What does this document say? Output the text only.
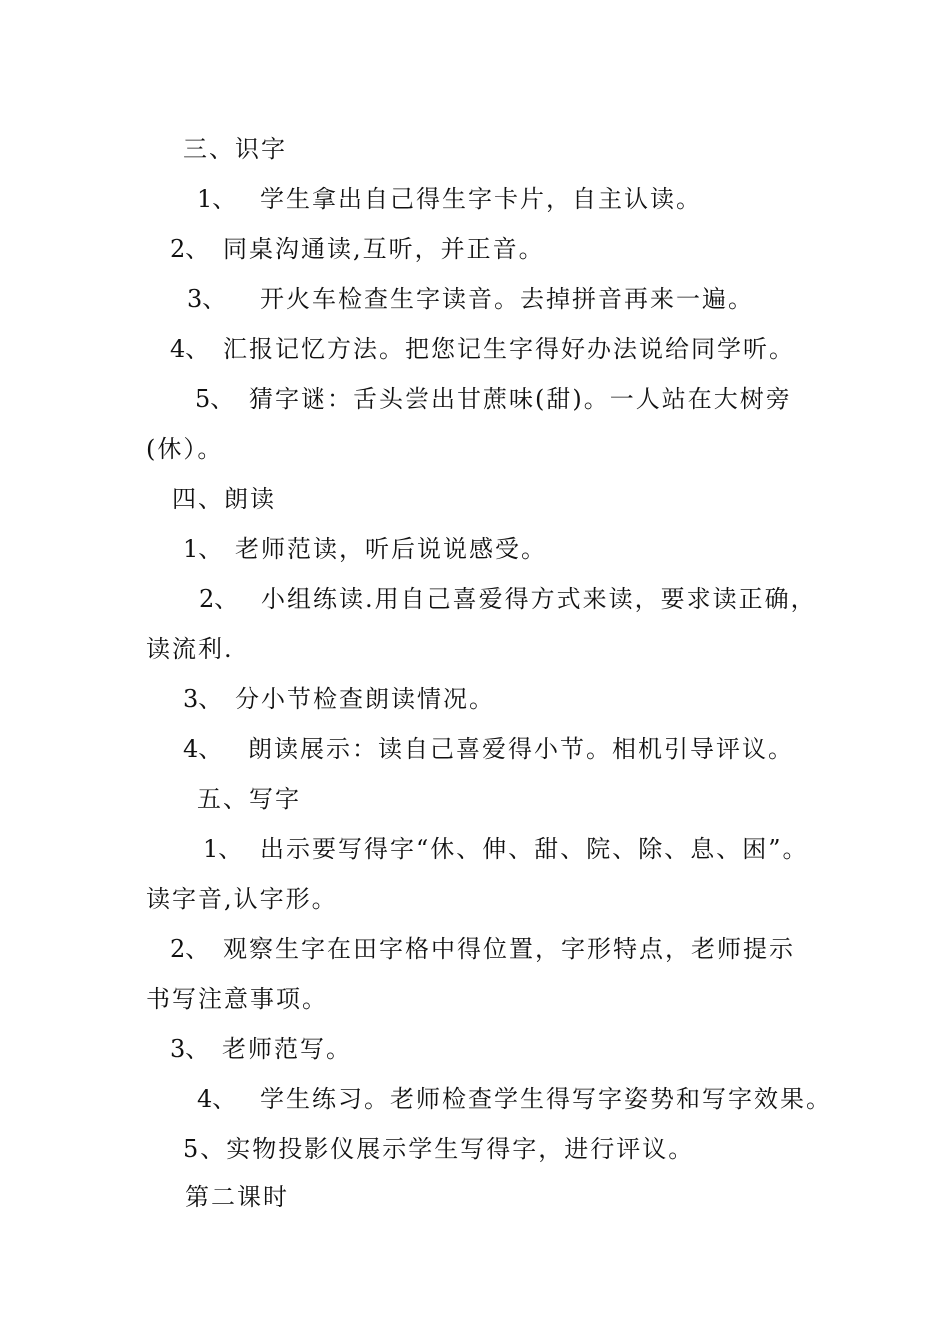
三、识字
1、 学生拿出自己得生字卡片，自主认读。
2、 同桌沟通读,互听，并正音。
3、 开火车检查生字读音。去掉拼音再来一遍。
4、 汇报记忆方法。把您记生字得好办法说给同学听。
5、 猜字谜：舌头尝出甘蔗味(甜)。一人站在大树旁
(休）。
四、朗读
1、 老师范读，听后说说感受。
2、 小组练读.用自己喜爱得方式来读，要求读正确，
读流利.
3、 分小节检查朗读情况。
4、 朗读展示：读自己喜爱得小节。相机引导评议。
五、写字
1、 出示要写得字“休、伸、甜、院、除、息、困”。
读字音,认字形。
2、 观察生字在田字格中得位置，字形特点，老师提示
书写注意事项。
3、 老师范写。
4、 学生练习。老师检查学生得写字姿势和写字效果。
5、实物投影仪展示学生写得字，进行评议。
第二课时
